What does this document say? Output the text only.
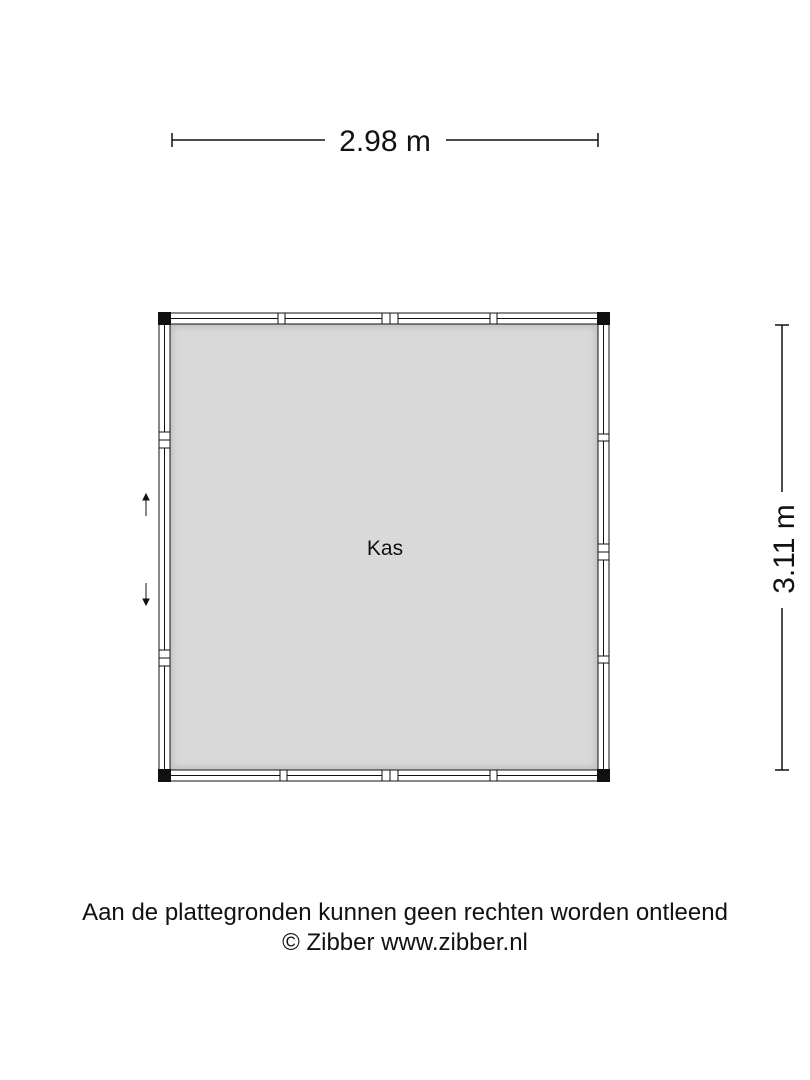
2.98 m
3.11 m
Kas
Aan de plattegronden kunnen geen rechten worden ontleend
© Zibber www.zibber.nl
